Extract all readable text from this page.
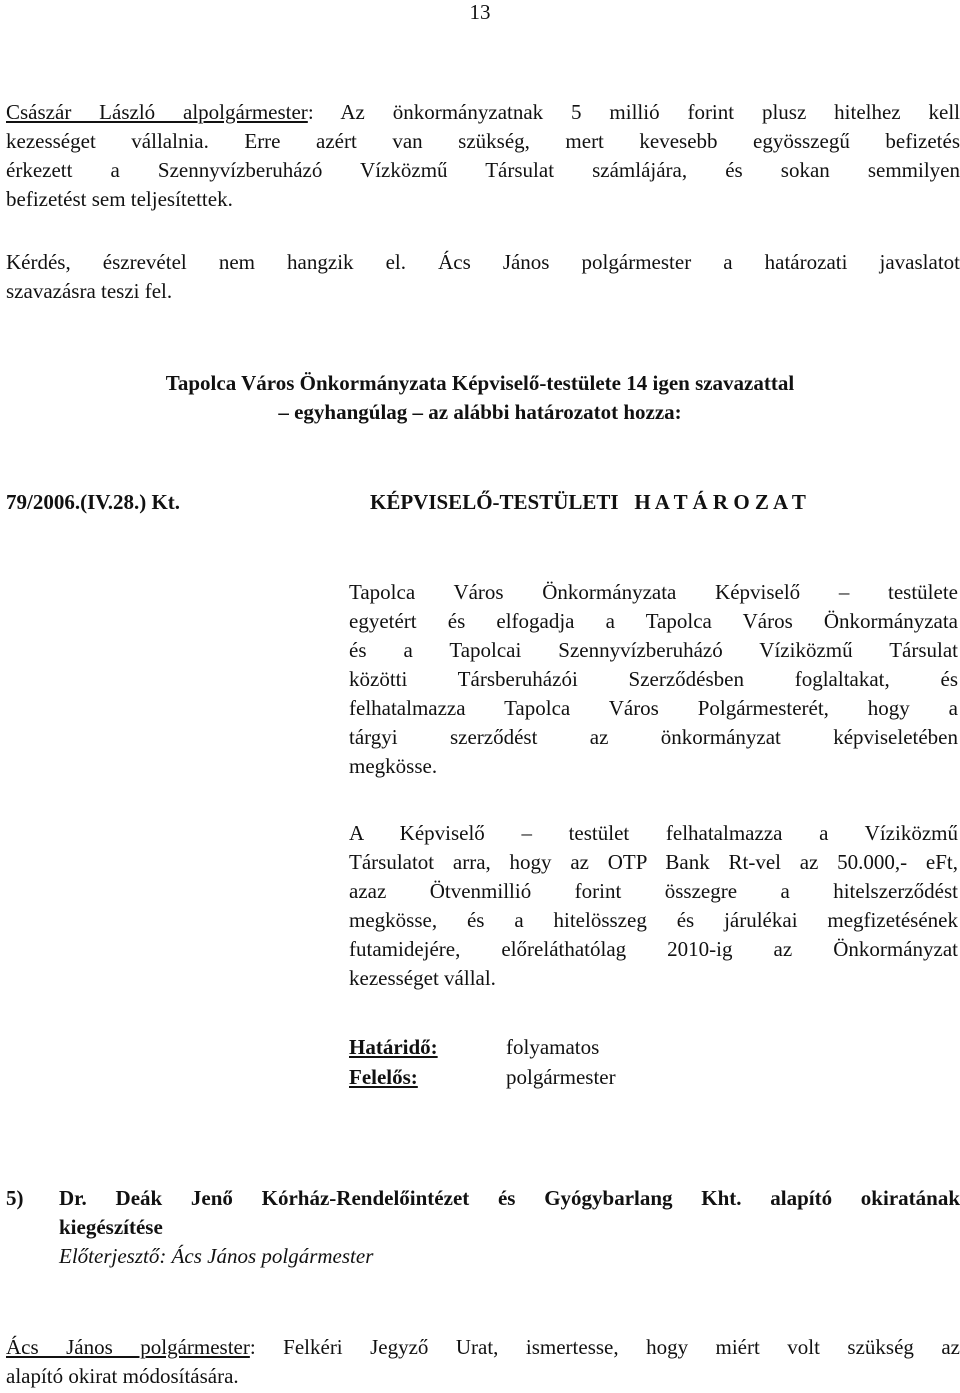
13
Császár László alpolgármester: Az önkormányzatnak 5 millió forint plusz hitelhez kell
kezességet vállalnia. Erre azért van szükség, mert kevesebb egyösszegű befizetés
érkezett a Szennyvízberuházó Vízközmű Társulat számlájára, és sokan semmilyen
befizetést sem teljesítettek.
Kérdés, észrevétel nem hangzik el. Ács János polgármester a határozati javaslatot
szavazásra teszi fel.
Tapolca Város Önkormányzata Képviselő-testülete 14 igen szavazattal
– egyhangúlag – az alábbi határozatot hozza:
79/2006.(IV.28.) Kt.	KÉPVISELŐ-TESTÜLETI   H A T Á R O Z A T
Tapolca Város Önkormányzata Képviselő – testülete
egyetért és elfogadja a Tapolca Város Önkormányzata
és a Tapolcai Szennyvízberuházó Víziközmű Társulat
közötti Társberuházói Szerződésben foglaltakat, és
felhatalmazza Tapolca Város Polgármesterét, hogy a
tárgyi szerződést az önkormányzat képviseletében
megkösse.
A Képviselő – testület felhatalmazza a Víziközmű
Társulatot arra, hogy az OTP Bank Rt-vel az 50.000,- eFt,
azaz Ötvenmillió forint összegre a hitelszerződést
megkösse, és a hitelösszeg és járulékai megfizetésének
futamidejére, előreláthatólag 2010-ig az Önkormányzat
kezességet vállal.
Határidő:	folyamatos
Felelős:	polgármester
5) Dr. Deák Jenő Kórház-Rendelőintézet és Gyógybarlang Kht. alapító okiratának
kiegészítése
Előterjesztő: Ács János polgármester
Ács János polgármester: Felkéri Jegyző Urat, ismertesse, hogy miért volt szükség az
alapító okirat módosítására.
